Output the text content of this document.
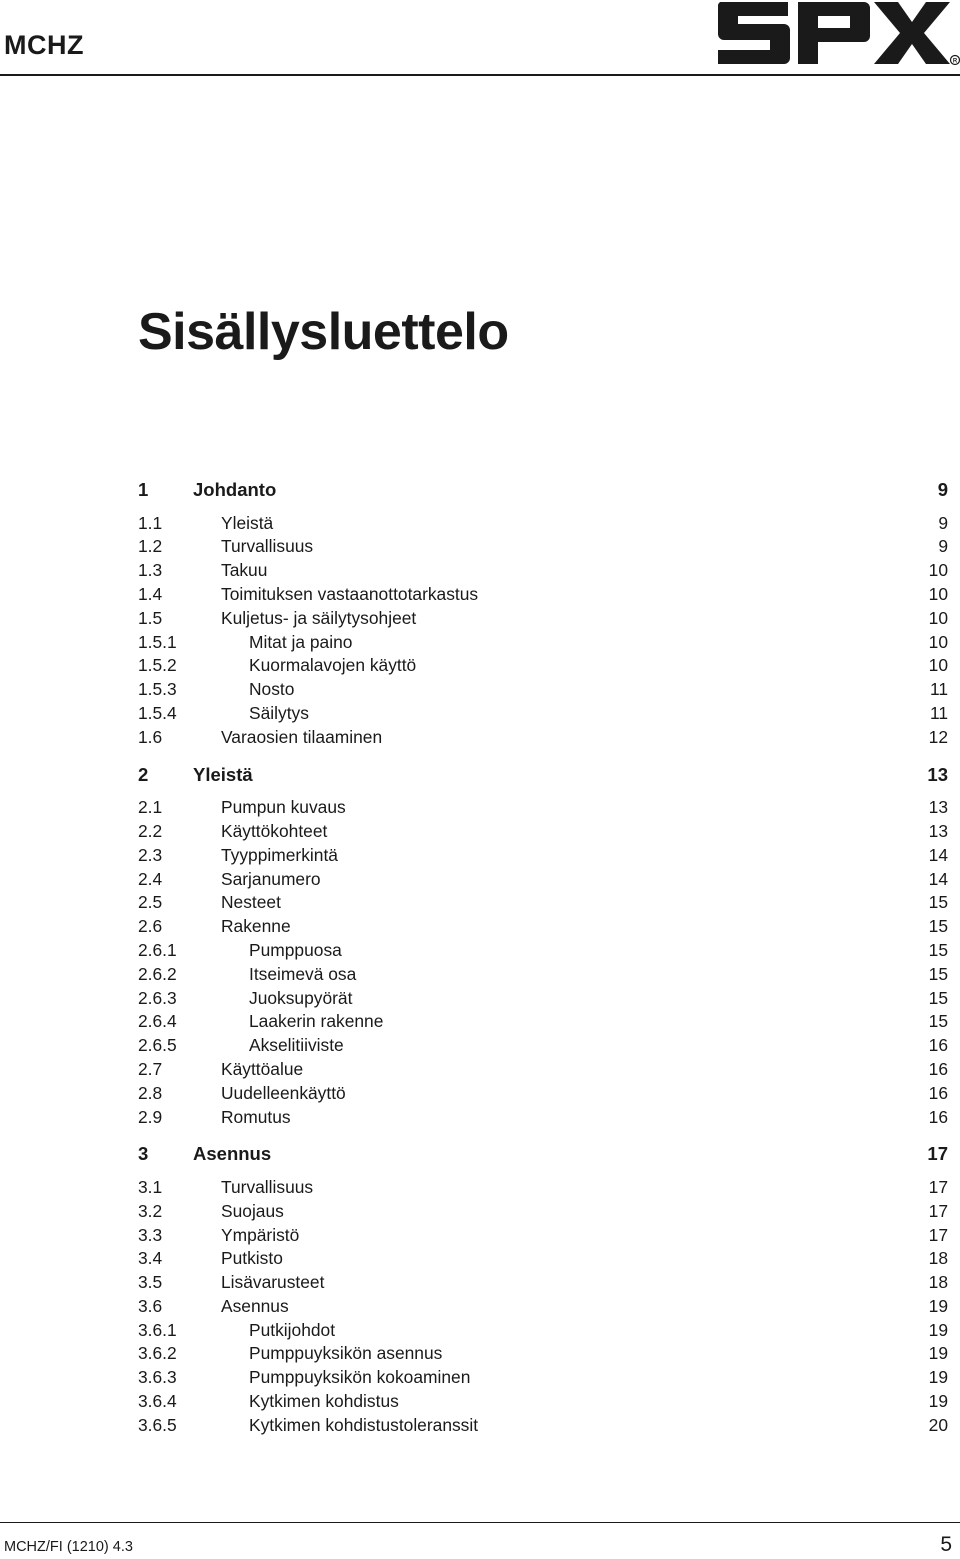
MCHZ
R
Sisällysluettelo
1 Johdanto	9
1.1	Yleistä	9
1.2	Turvallisuus	9
1.3	Takuu	10
1.4	Toimituksen vastaanottotarkastus	10
1.5	Kuljetus- ja säilytysohjeet	10
1.5.1	Mitat ja paino	10
1.5.2	Kuormalavojen käyttö	10
1.5.3	Nosto	11
1.5.4	Säilytys	11
1.6	Varaosien tilaaminen	12
2 Yleistä	13
2.1	Pumpun kuvaus	13
2.2	Käyttökohteet	13
2.3	Tyyppimerkintä	14
2.4	Sarjanumero	14
2.5	Nesteet	15
2.6	Rakenne	15
2.6.1	Pumppuosa	15
2.6.2	Itseimevä osa	15
2.6.3	Juoksupyörät	15
2.6.4	Laakerin rakenne	15
2.6.5	Akselitiiviste	16
2.7	Käyttöalue	16
2.8	Uudelleenkäyttö	16
2.9	Romutus	16
3 Asennus	17
3.1	Turvallisuus	17
3.2	Suojaus	17
3.3	Ympäristö	17
3.4	Putkisto	18
3.5	Lisävarusteet	18
3.6	Asennus	19
3.6.1	Putkijohdot	19
3.6.2	Pumppuyksikön asennus	19
3.6.3	Pumppuyksikön kokoaminen	19
3.6.4	Kytkimen kohdistus	19
3.6.5	Kytkimen kohdistustoleranssit	20
MCHZ/FI (1210) 4.3	5
